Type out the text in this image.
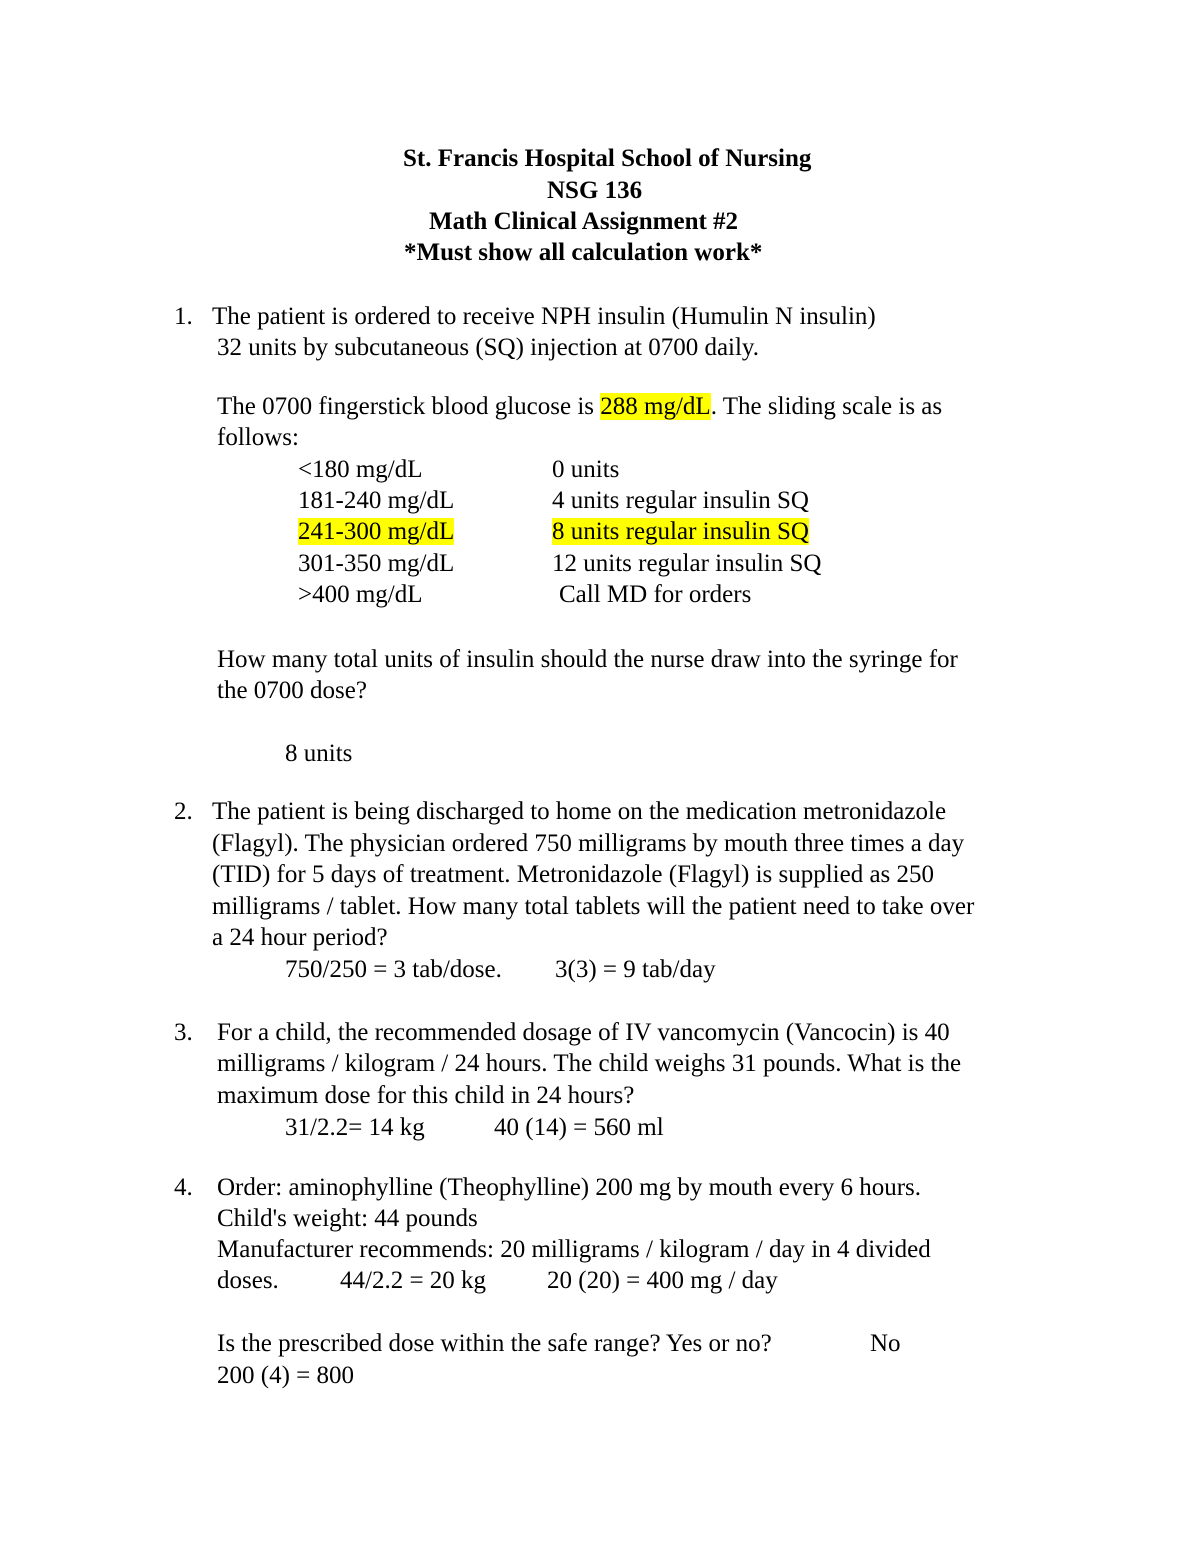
St. Francis Hospital School of Nursing
NSG 136
Math Clinical Assignment #2
*Must show all calculation work*
1. The patient is ordered to receive NPH insulin (Humulin N insulin)
32 units by subcutaneous (SQ) injection at 0700 daily.
The 0700 fingerstick blood glucose is 288 mg/dL. The sliding scale is as
follows:
<180 mg/dL	0 units
181-240 mg/dL	4 units regular insulin SQ
241-300 mg/dL	8 units regular insulin SQ
301-350 mg/dL	12 units regular insulin SQ
>400 mg/dL	Call MD for orders
How many total units of insulin should the nurse draw into the syringe for
the 0700 dose?
8 units
2. The patient is being discharged to home on the medication metronidazole
(Flagyl). The physician ordered 750 milligrams by mouth three times a day
(TID) for 5 days of treatment. Metronidazole (Flagyl) is supplied as 250
milligrams / tablet. How many total tablets will the patient need to take over
a 24 hour period?
750/250 = 3 tab/dose. 3(3) = 9 tab/day
3. For a child, the recommended dosage of IV vancomycin (Vancocin) is 40
milligrams / kilogram / 24 hours. The child weighs 31 pounds. What is the
maximum dose for this child in 24 hours?
31/2.2= 14 kg	40 (14) = 560 ml
4. Order: aminophylline (Theophylline) 200 mg by mouth every 6 hours.
Child's weight: 44 pounds
Manufacturer recommends: 20 milligrams / kilogram / day in 4 divided
doses. 44/2.2 = 20 kg 20 (20) = 400 mg / day
Is the prescribed dose within the safe range? Yes or no?	No
200 (4) = 800
